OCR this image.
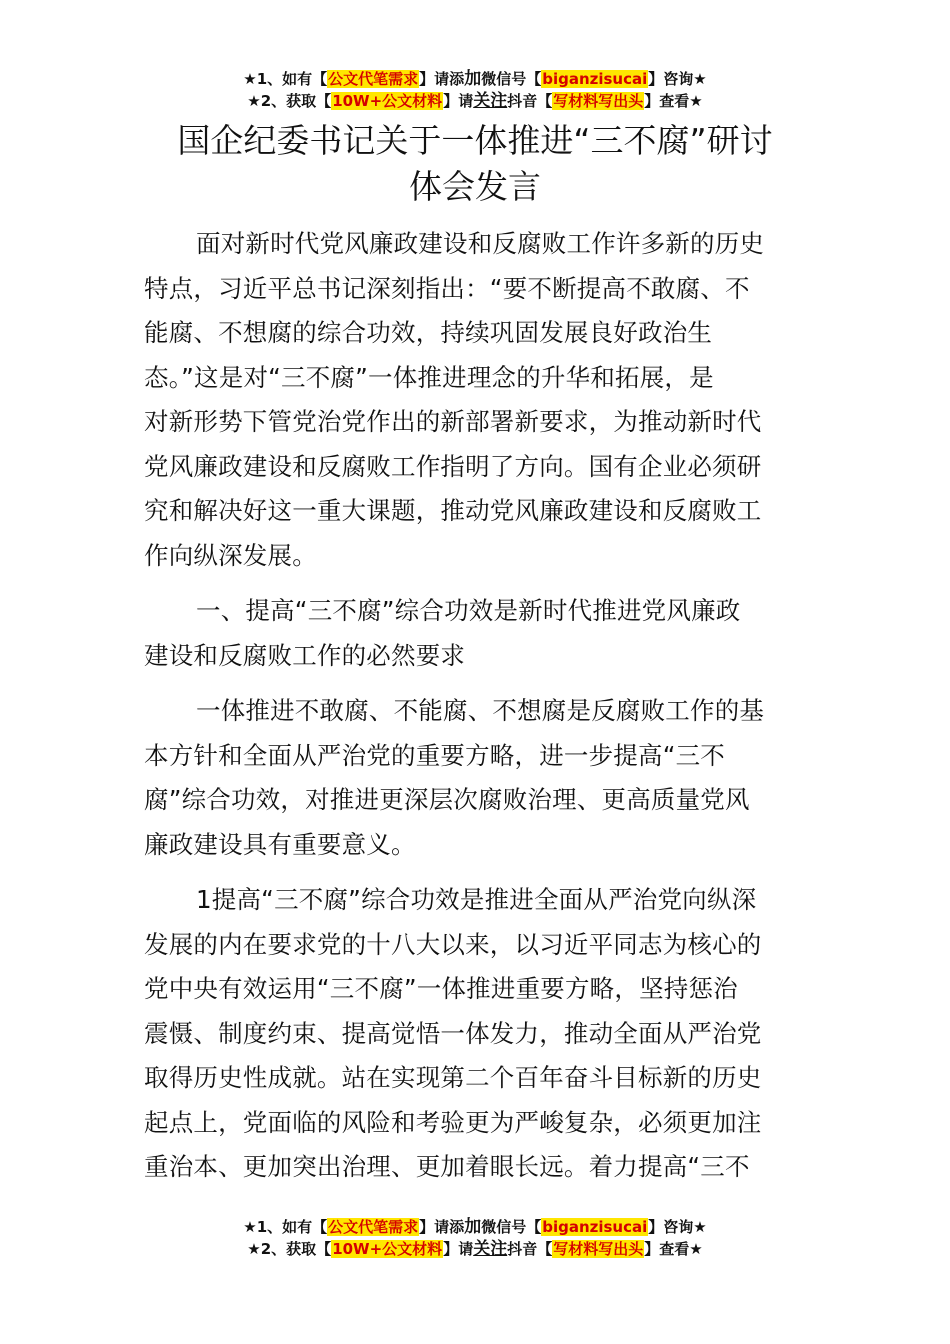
★1、如有【公文代笔需求】请添加微信号【biganzisucai】咨询★
★2、获取【10W+公文材料】请关注抖音【写材料写出头】查看★
国企纪委书记关于一体推进“三不腐”研讨
体会发言

面对新时代党风廉政建设和反腐败工作许多新的历史
特点，习近平总书记深刻指出：“要不断提高不敢腐、不
能腐、不想腐的综合功效，持续巩固发展良好政治生
态。”这是对“三不腐”一体推进理念的升华和拓展，是
对新形势下管党治党作出的新部署新要求，为推动新时代
党风廉政建设和反腐败工作指明了方向。国有企业必须研
究和解决好这一重大课题，推动党风廉政建设和反腐败工
作向纵深发展。

一、提高“三不腐”综合功效是新时代推进党风廉政
建设和反腐败工作的必然要求

一体推进不敢腐、不能腐、不想腐是反腐败工作的基
本方针和全面从严治党的重要方略，进一步提高“三不
腐”综合功效，对推进更深层次腐败治理、更高质量党风
廉政建设具有重要意义。

1提高“三不腐”综合功效是推进全面从严治党向纵深
发展的内在要求党的十八大以来，以习近平同志为核心的
党中央有效运用“三不腐”一体推进重要方略，坚持惩治
震慑、制度约束、提高觉悟一体发力，推动全面从严治党
取得历史性成就。站在实现第二个百年奋斗目标新的历史
起点上，党面临的风险和考验更为严峻复杂，必须更加注
重治本、更加突出治理、更加着眼长远。着力提高“三不

★1、如有【公文代笔需求】请添加微信号【biganzisucai】咨询★
★2、获取【10W+公文材料】请关注抖音【写材料写出头】查看★
